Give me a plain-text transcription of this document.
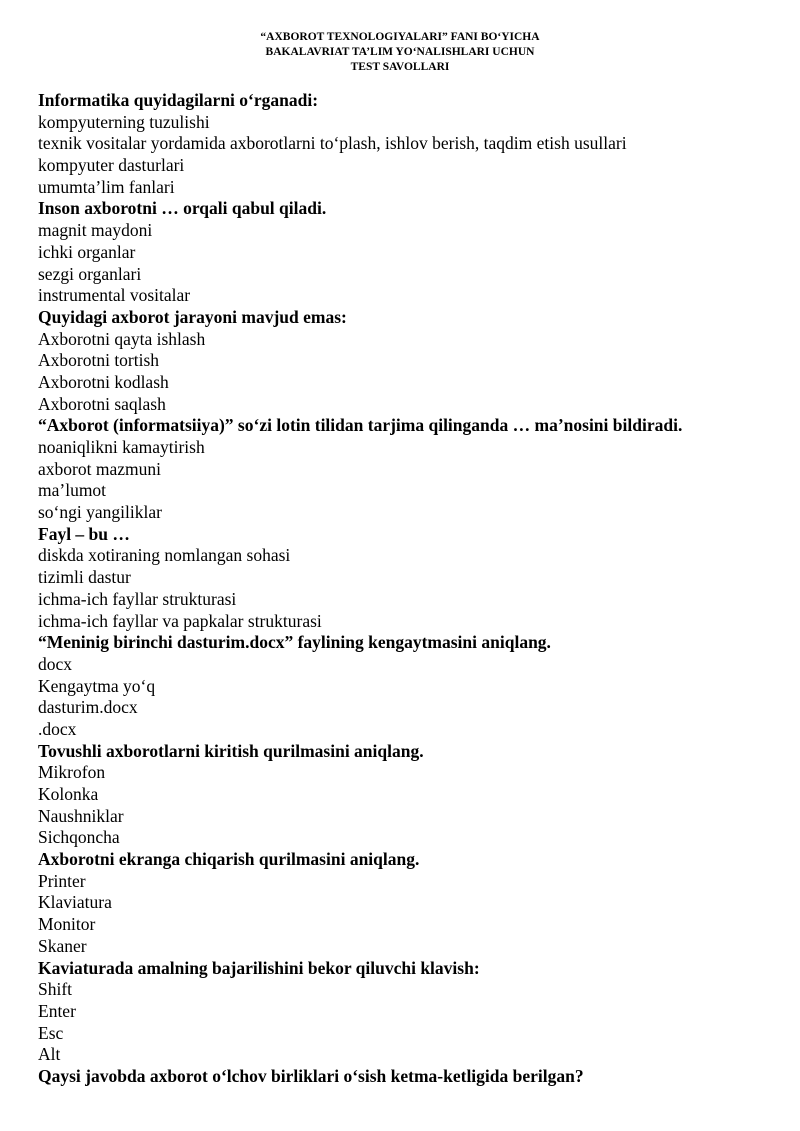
“AXBOROT TEXNOLOGIYALARI” FANI BO‘YICHA
BAKALAVRIAT TA’LIM YO‘NALISHLARI UCHUN
TEST SAVOLLARI
Informatika quyidagilarni o‘rganadi:
kompyuterning tuzulishi
texnik vositalar yordamida axborotlarni to‘plash, ishlov berish, taqdim etish usullari
kompyuter dasturlari
umumta’lim fanlari
Inson axborotni … orqali qabul qiladi.
magnit maydoni
ichki organlar
sezgi organlari
instrumental vositalar
Quyidagi axborot jarayoni mavjud emas:
Axborotni qayta ishlash
Axborotni tortish
Axborotni kodlash
Axborotni saqlash
“Axborot (informatsiiya)” so‘zi lotin tilidan tarjima qilinganda … ma’nosini bildiradi.
noaniqlikni kamaytirish
axborot mazmuni
ma’lumot
so‘ngi yangiliklar
Fayl – bu …
diskda xotiraning nomlangan sohasi
tizimli dastur
ichma-ich fayllar strukturasi
ichma-ich fayllar va papkalar strukturasi
“Meninig birinchi dasturim.docx” faylining kengaytmasini aniqlang.
docx
Kengaytma yo‘q
dasturim.docx
.docx
Tovushli axborotlarni kiritish qurilmasini aniqlang.
Mikrofon
Kolonka
Naushniklar
Sichqoncha
Axborotni ekranga chiqarish qurilmasini aniqlang.
Printer
Klaviatura
Monitor
Skaner
Kaviaturada amalning bajarilishini bekor qiluvchi klavish:
Shift
Enter
Esc
Alt
Qaysi javobda axborot o‘lchov birliklari o‘sish ketma-ketligida berilgan?
